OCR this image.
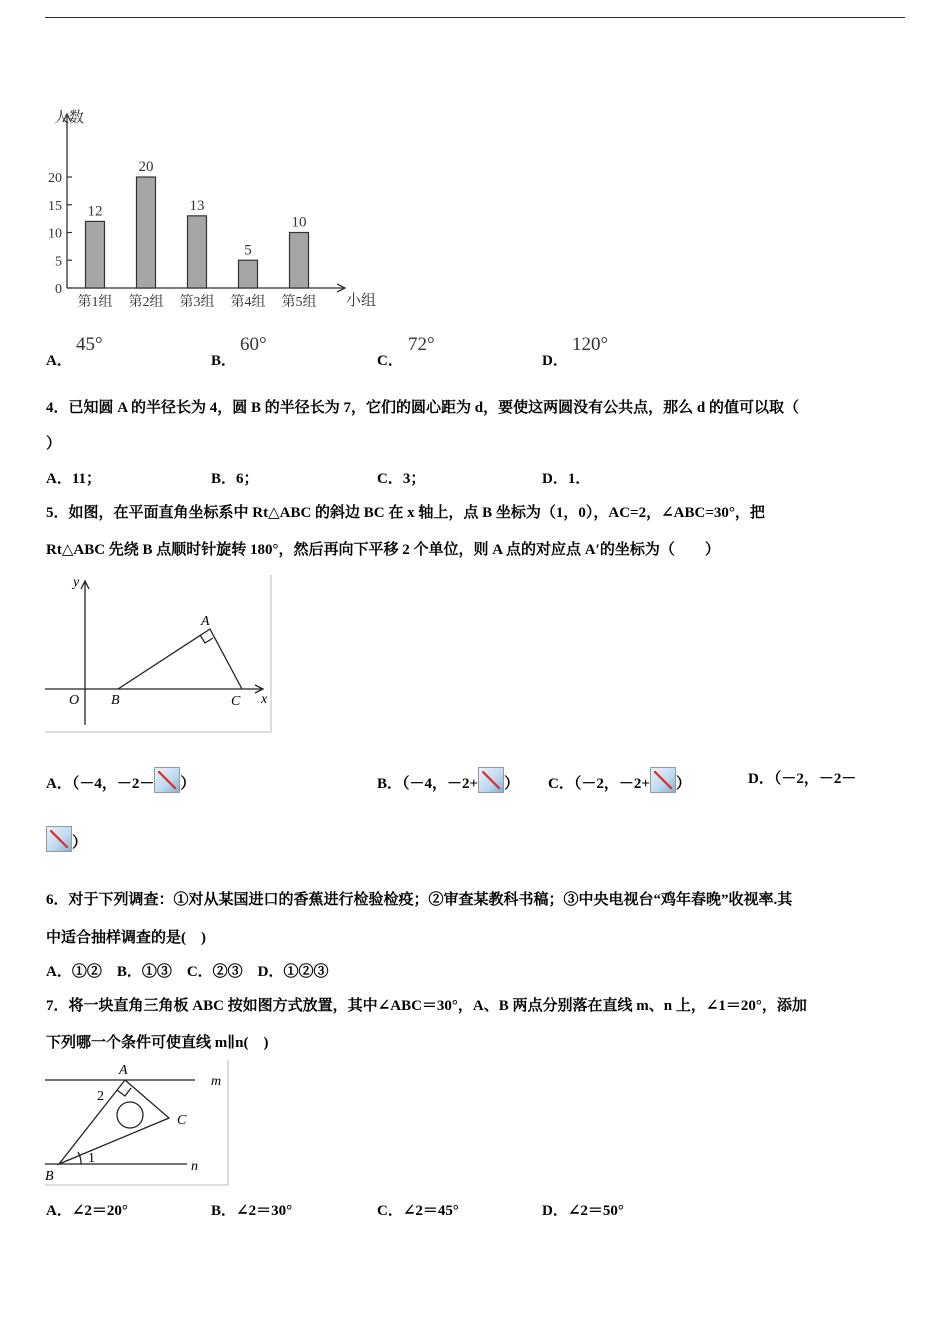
人数
小组
0
5
10
15
20
12
第1组
20
第2组
13
第3组
5
第4组
10
第5组
A．
45°
B．
60°
C．
72°
D．
120°
4．已知圆 A 的半径长为 4，圆 B 的半径长为 7，它们的圆心距为 d，要使这两圆没有公共点，那么 d 的值可以取（
）
A．11；	B．6；	C．3；	D．1．
5．如图，在平面直角坐标系中 Rt△ABC 的斜边 BC 在 x 轴上，点 B 坐标为（1，0），AC=2，∠ABC=30°，把
Rt△ABC 先绕 B 点顺时针旋转 180°，然后再向下平移 2 个单位，则 A 点的对应点 A′的坐标为（　　）
y
x
O
A
B	C
A．（－4，－2－ ）	B．（－4，－2+ ） C．（－2，－2+ ）	D．（－2，－2－
）
6．对于下列调查：①对从某国进口的香蕉进行检验检疫；②审查某教科书稿；③中央电视台“鸡年春晚”收视率.其
中适合抽样调查的是(　)
A．①②　B．①③　C．②③　D．①②③
7．将一块直角三角板 ABC 按如图方式放置，其中∠ABC＝30°，A、B 两点分别落在直线 m、n 上，∠1＝20°，添加
下列哪一个条件可使直线 m∥n(　)
A
B
C
m
n
1
2
A．∠2＝20°	B．∠2＝30°	C．∠2＝45°	D．∠2＝50°
